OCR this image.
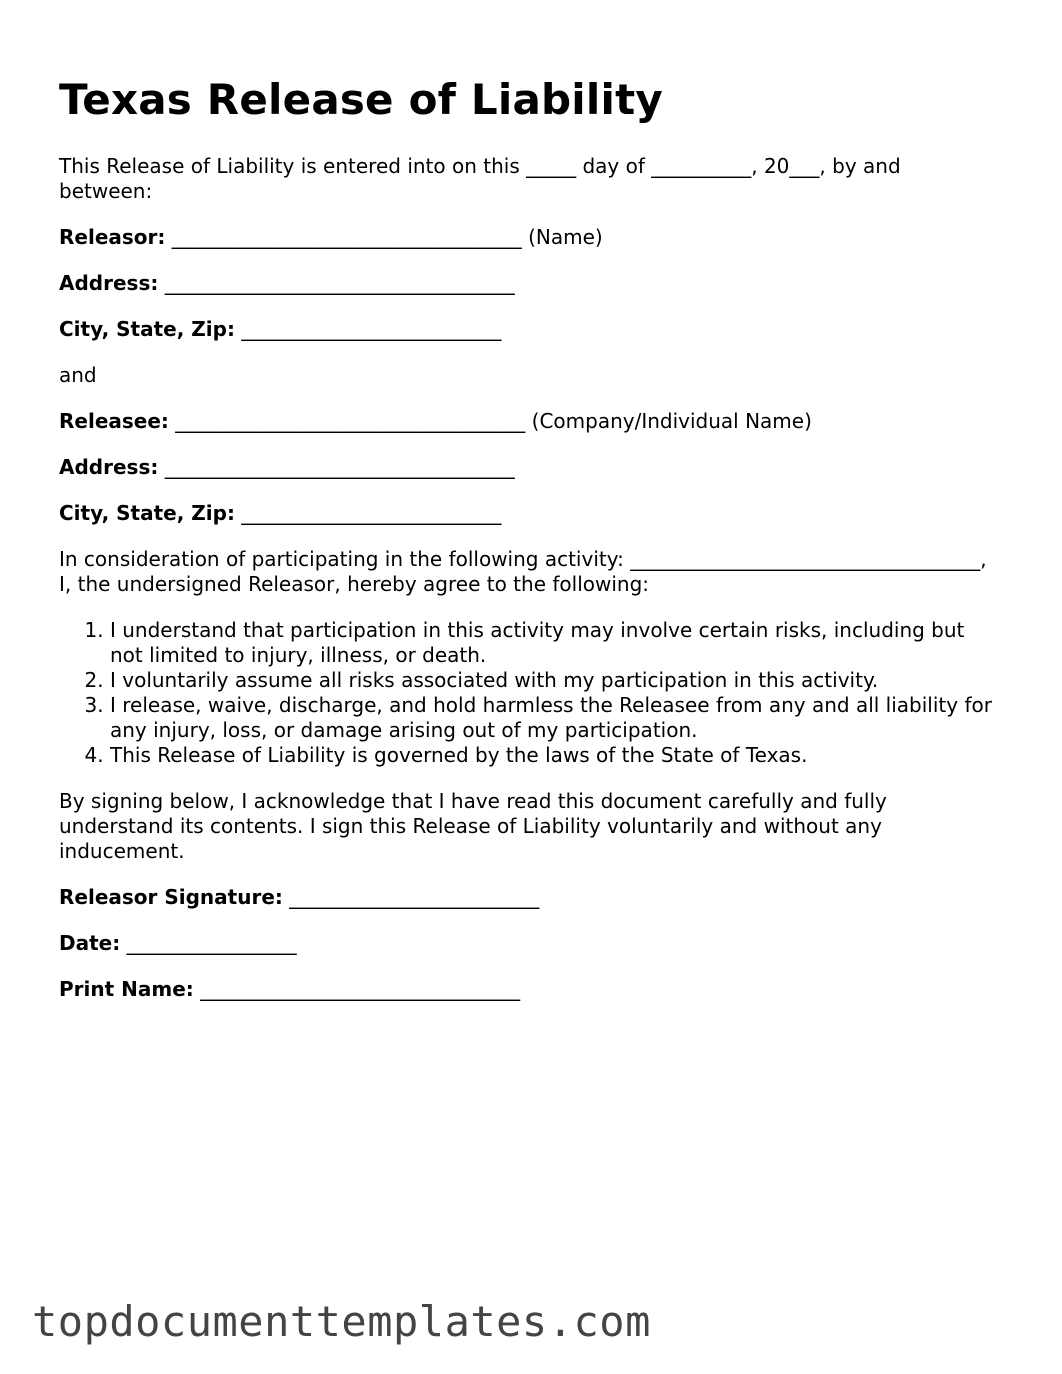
Texas Release of Liability

This Release of Liability is entered into on this _____ day of __________, 20___, by and between:

Releasor: ___________________________________ (Name)

Address: ___________________________________

City, State, Zip: __________________________

and

Releasee: ___________________________________ (Company/Individual Name)

Address: ___________________________________

City, State, Zip: __________________________

In consideration of participating in the following activity: ___________________________________, I, the undersigned Releasor, hereby agree to the following:

1. I understand that participation in this activity may involve certain risks, including but not limited to injury, illness, or death.
2. I voluntarily assume all risks associated with my participation in this activity.
3. I release, waive, discharge, and hold harmless the Releasee from any and all liability for any injury, loss, or damage arising out of my participation.
4. This Release of Liability is governed by the laws of the State of Texas.

By signing below, I acknowledge that I have read this document carefully and fully understand its contents. I sign this Release of Liability voluntarily and without any inducement.

Releasor Signature: _________________________

Date: _________________

Print Name: ________________________________

topdocumenttemplates.com
